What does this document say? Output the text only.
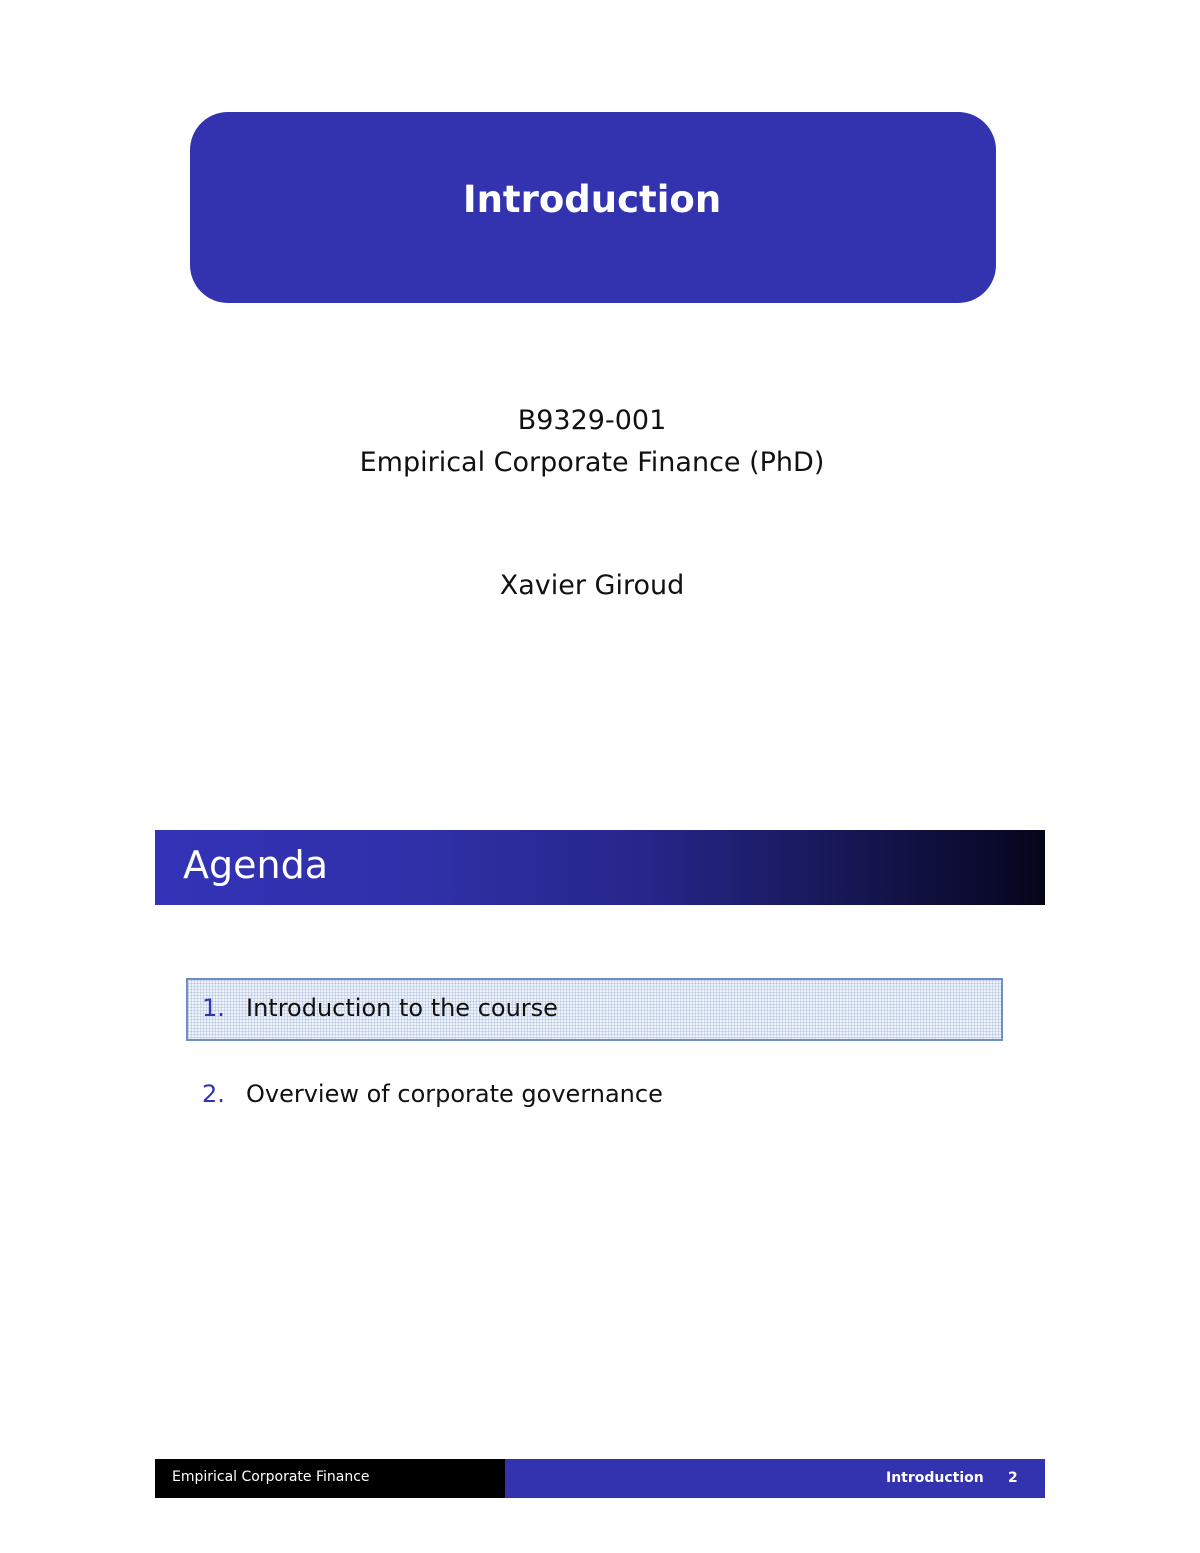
Introduction
B9329-001
Empirical Corporate Finance (PhD)
Xavier Giroud
Agenda
1. Introduction to the course
2. Overview of corporate governance
Empirical Corporate Finance	Introduction 2
